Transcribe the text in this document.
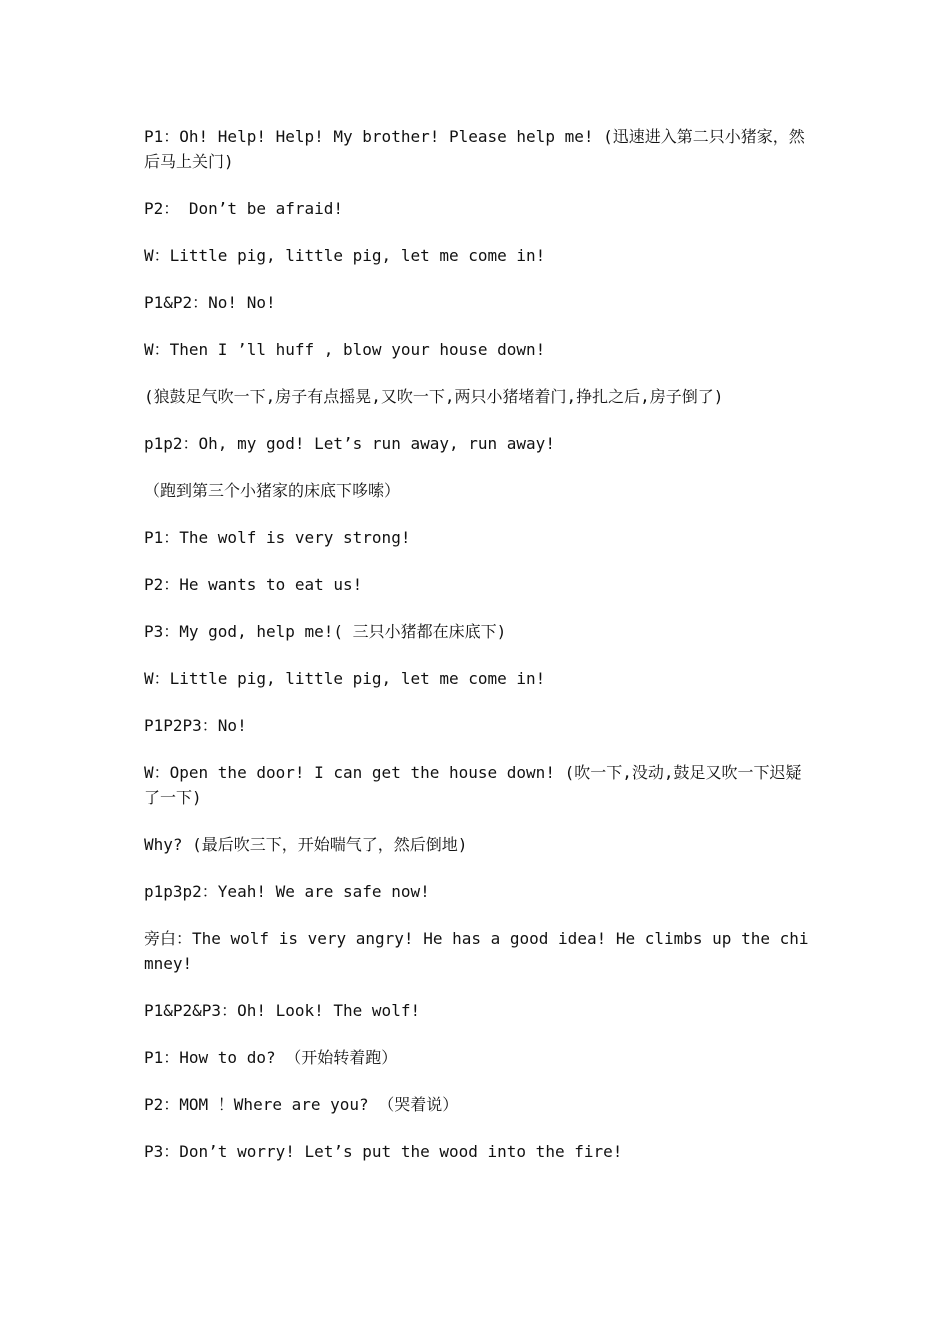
P1：Oh! Help! Help! My brother! Please help me! (迅速进入第二只小猪家，然后马上关门)

P2： Don’t be afraid!

W：Little pig, little pig, let me come in!

P1&P2：No! No!

W：Then I ’ll huff , blow your house down!

(狼鼓足气吹一下,房子有点摇晃,又吹一下,两只小猪堵着门,挣扎之后,房子倒了)

p1p2：Oh, my god! Let’s run away, run away!

（跑到第三个小猪家的床底下哆嗦）

P1：The wolf is very strong!

P2：He wants to eat us!

P3：My god, help me!( 三只小猪都在床底下)

W：Little pig, little pig, let me come in!

P1P2P3：No!

W：Open the door! I can get the house down! (吹一下,没动,鼓足又吹一下迟疑了一下)

Why? (最后吹三下，开始喘气了，然后倒地)

p1p3p2：Yeah! We are safe now!

旁白：The wolf is very angry! He has a good idea! He climbs up the chimney!

P1&P2&P3：Oh! Look! The wolf!

P1：How to do? （开始转着跑）

P2：MOM ！Where are you? （哭着说）

P3：Don’t worry! Let’s put the wood into the fire!
